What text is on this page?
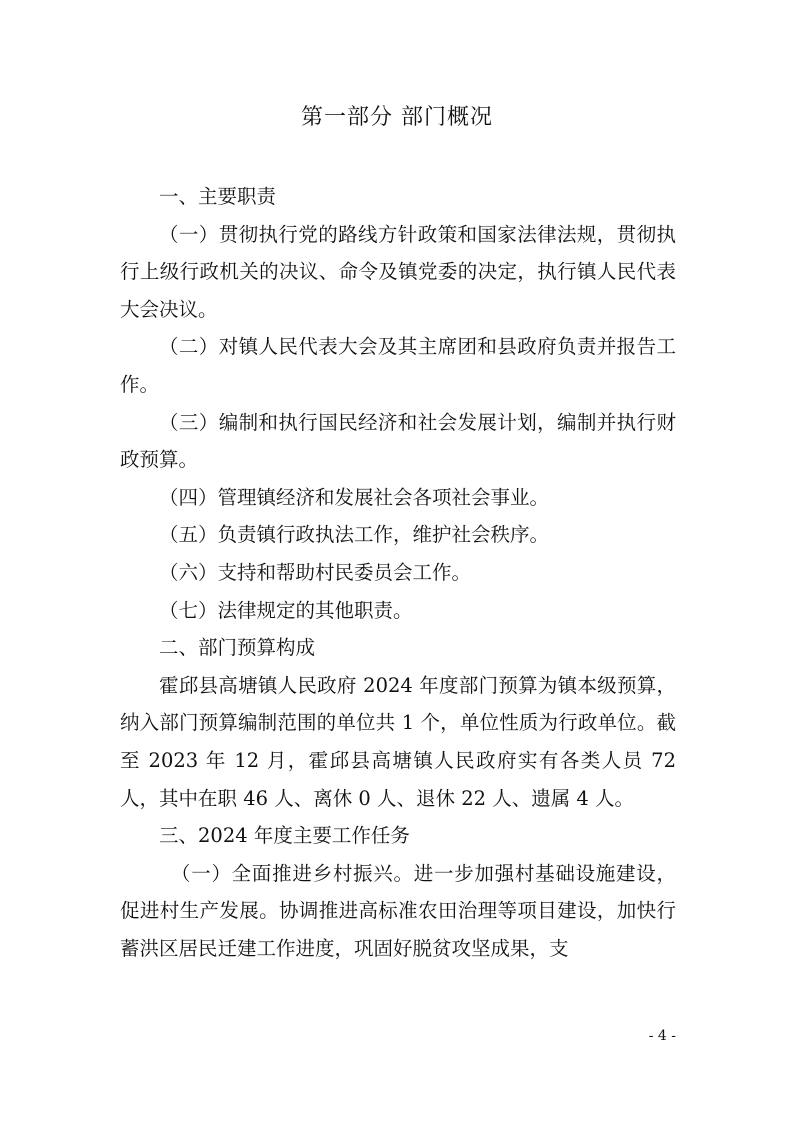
第一部分 部门概况

一、主要职责

（一）贯彻执行党的路线方针政策和国家法律法规，贯彻执行上级行政机关的决议、命令及镇党委的决定，执行镇人民代表大会决议。

（二）对镇人民代表大会及其主席团和县政府负责并报告工作。

（三）编制和执行国民经济和社会发展计划，编制并执行财政预算。

（四）管理镇经济和发展社会各项社会事业。

（五）负责镇行政执法工作，维护社会秩序。

（六）支持和帮助村民委员会工作。

（七）法律规定的其他职责。

二、部门预算构成

霍邱县高塘镇人民政府 2024 年度部门预算为镇本级预算，纳入部门预算编制范围的单位共 1 个，单位性质为行政单位。截至 2023 年 12 月，霍邱县高塘镇人民政府实有各类人员 72 人，其中在职 46 人、离休 0 人、退休 22 人、遗属 4 人。

三、2024 年度主要工作任务

（一）全面推进乡村振兴。进一步加强村基础设施建设，促进村生产发展。协调推进高标准农田治理等项目建设，加快行蓄洪区居民迁建工作进度，巩固好脱贫攻坚成果，支

- 4 -
